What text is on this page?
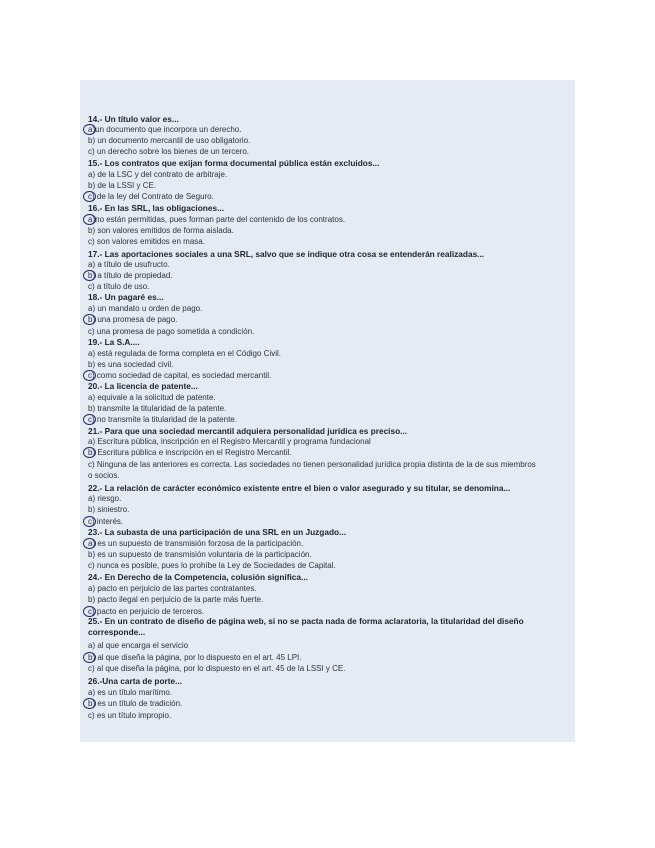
14.- Un título valor es...
a)un documento que incorpora un derecho.
b) un documento mercantil de uso obligatorio.
c) un derecho sobre los bienes de un tercero.
15.- Los contratos que exijan forma documental pública están excluidos...
a) de la LSC y del contrato de arbitraje.
b) de la LSSI y CE.
c) de la ley del Contrato de Seguro.
16.- En las SRL, las obligaciones...
a)no están permitidas, pues forman parte del contenido de los contratos.
b) son valores emitidos de forma aislada.
c) son valores emitidos en masa.
17.- Las aportaciones sociales a una SRL, salvo que se indique otra cosa se entenderán realizadas...
a) a título de usufructo.
b) a título de propiedad.
c) a título de uso.
18.- Un pagaré es...
a) un mandato u orden de pago.
b) una promesa de pago.
c) una promesa de pago sometida a condición.
19.- La S.A....
a) está regulada de forma completa en el Código Civil.
b) es una sociedad civil.
c) como sociedad de capital, es sociedad mercantil.
20.- La licencia de patente...
a) equivale a la solicitud de patente.
b) transmite la titularidad de la patente.
c) no transmite la titularidad de la patente.
21.- Para que una sociedad mercantil adquiera personalidad jurídica es preciso...
a) Escritura pública, inscripción en el Registro Mercantil y programa fundacional
b) Escritura pública e inscripción en el Registro Mercantil.
c) Ninguna de las anteriores es correcta. Las sociedades no tienen personalidad jurídica propia distinta de la de sus miembros o socios.
22.- La relación de carácter económico existente entre el bien o valor asegurado y su titular, se denomina...
a) riesgo.
b) siniestro.
c) interés.
23.- La subasta de una participación de una SRL en un Juzgado...
a) es un supuesto de transmisión forzosa de la participación.
b) es un supuesto de transmisión voluntaria de la participación.
c) nunca es posible, pues lo prohíbe la Ley de Sociedades de Capital.
24.- En Derecho de la Competencia, colusión significa...
a) pacto en perjuicio de las partes contratantes.
b) pacto ilegal en perjuicio de la parte más fuerte.
c) pacto en perjuicio de terceros.
25.- En un contrato de diseño de página web, si no se pacta nada de forma aclaratoria, la titularidad del diseño corresponde...
a) al que encarga el servicio
b) al que diseña la página, por lo dispuesto en el art. 45 LPI.
c) al que diseña la página, por lo dispuesto en el art. 45 de la LSSI y CE.
26.-Una carta de porte...
a) es un título marítimo.
b) es un título de tradición.
c) es un título impropio.
